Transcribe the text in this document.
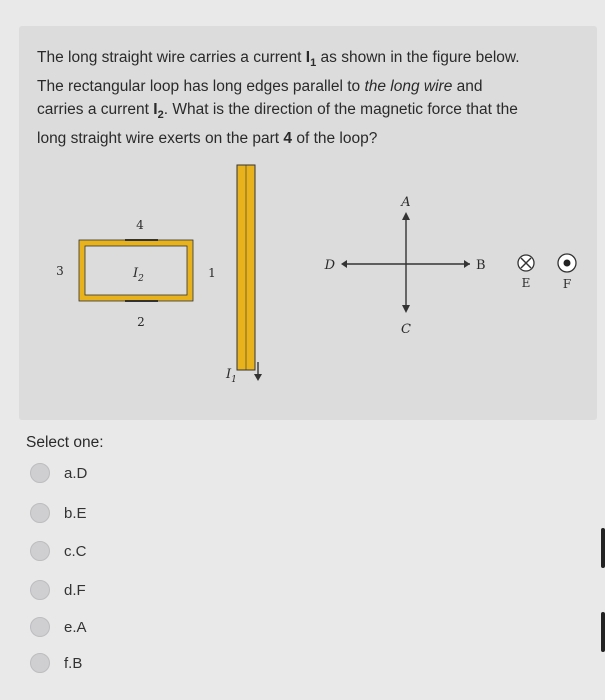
The long straight wire carries a current $I_1$ as shown in the figure below.
The rectangular loop has long edges parallel to the long wire and
carries a current $I_2$. What is the direction of the magnetic force that the
long straight wire exerts on the part 4 of the loop?
4
3	1
2
$I_2$
$I_1$
A
C
D	B
E	F
Select one:
a.D
b.E
c.C
d.F
e.A
f.B
